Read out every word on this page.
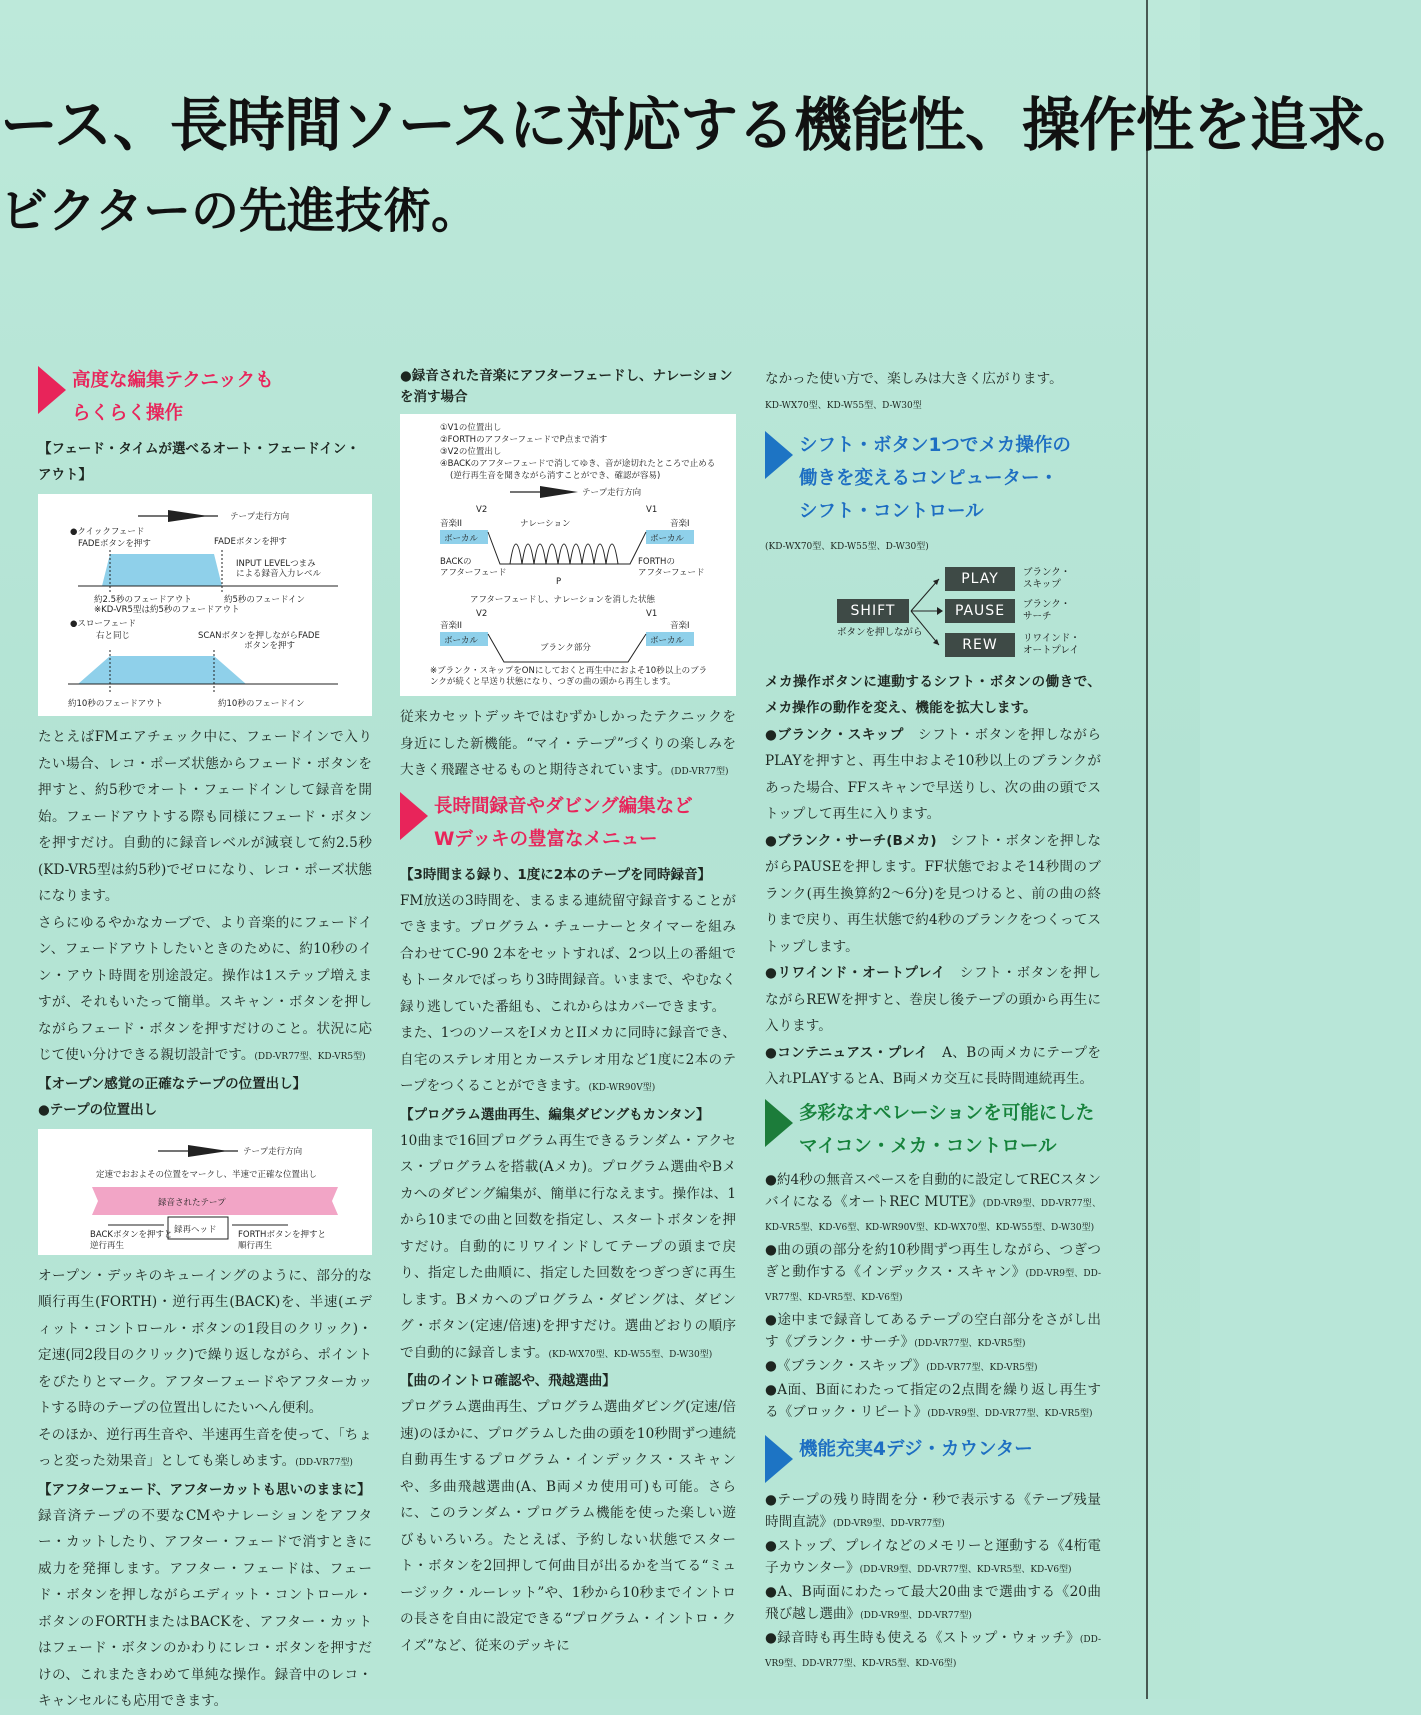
ース、長時間ソースに対応する機能性、操作性を追求。
ビクターの先進技術。
高度な編集テクニックも
らくらく操作
【フェード・タイムが選べるオート・フェードイン・アウト】
テープ走行方向
●クイックフェード
FADEボタンを押す	FADEボタンを押す
INPUT LEVELつまみ
による録音入力レベル
約2.5秒のフェードアウト
※KD-VR5型は約5秒のフェードアウト
約5秒のフェードイン
●スローフェード
右と同じ	SCANボタンを押しながらFADE
ボタンを押す
約10秒のフェードアウト	約10秒のフェードイン

たとえばFMエアチェック中に、フェードインで入りたい場合、レコ・ポーズ状態からフェード・ボタンを押すと、約5秒でオート・フェードインして録音を開始。フェードアウトする際も同様にフェード・ボタンを押すだけ。自動的に録音レベルが減衰して約2.5秒(KD-VR5型は約5秒)でゼロになり、レコ・ポーズ状態になります。

さらにゆるやかなカーブで、より音楽的にフェードイン、フェードアウトしたいときのために、約10秒のイン・アウト時間を別途設定。操作は1ステップ増えますが、それもいたって簡単。スキャン・ボタンを押しながらフェード・ボタンを押すだけのこと。状況に応じて使い分けできる親切設計です。(DD-VR77型、KD-VR5型)

【オープン感覚の正確なテープの位置出し】
●テープの位置出し
テープ走行方向
定速でおおよその位置をマークし、半速で正確な位置出し
録音されたテープ
録再ヘッド
BACKボタンを押すと
逆行再生
FORTHボタンを押すと
順行再生

オープン・デッキのキューイングのように、部分的な順行再生(FORTH)・逆行再生(BACK)を、半速(エディット・コントロール・ボタンの1段目のクリック)・定速(同2段目のクリック)で繰り返しながら、ポイントをぴたりとマーク。アフターフェードやアフターカットする時のテープの位置出しにたいへん便利。

そのほか、逆行再生音や、半速再生音を使って、「ちょっと変った効果音」としても楽しめます。(DD-VR77型)

【アフターフェード、アフターカットも思いのままに】

録音済テープの不要なCMやナレーションをアフター・カットしたり、アフター・フェードで消すときに威力を発揮します。アフター・フェードは、フェード・ボタンを押しながらエディット・コントロール・ボタンのFORTHまたはBACKを、アフター・カットはフェード・ボタンのかわりにレコ・ボタンを押すだけの、これまたきわめて単純な操作。録音中のレコ・キャンセルにも応用できます。

●録音された音楽にアフターフェードし、ナレーションを消す場合
①V1の位置出し
②FORTHのアフターフェードでP点まで消す
③V2の位置出し
④BACKのアフターフェードで消してゆき、音が途切れたところで止める
(逆行再生音を聞きながら消すことができ、確認が容易)
テープ走行方向
V2	V1
音楽II	音楽I
ナレーション
ボーカル	ボーカル
BACKの
アフターフェード
FORTHの
アフターフェード
P
アフターフェードし、ナレーションを消した状態
V2	V1
音楽II	音楽I
ボーカル	ボーカル
ブランク部分
※ブランク・スキップをONにしておくと再生中におよそ10秒以上のブランクが続くと早送り状態になり、つぎの曲の頭から再生します。

従来カセットデッキではむずかしかったテクニックを身近にした新機能。“マイ・テープ”づくりの楽しみを大きく飛躍させるものと期待されています。(DD-VR77型)

長時間録音やダビング編集など
Wデッキの豊富なメニュー
【3時間まる録り、1度に2本のテープを同時録音】

FM放送の3時間を、まるまる連続留守録音することができます。プログラム・チューナーとタイマーを組み合わせてC-90 2本をセットすれば、2つ以上の番組でもトータルでばっちり3時間録音。いままで、やむなく録り逃していた番組も、これからはカバーできます。

また、1つのソースをIメカとIIメカに同時に録音でき、自宅のステレオ用とカーステレオ用など1度に2本のテープをつくることができます。(KD-WR90V型)

【プログラム選曲再生、編集ダビングもカンタン】

10曲まで16回プログラム再生できるランダム・アクセス・プログラムを搭載(Aメカ)。プログラム選曲やBメカへのダビング編集が、簡単に行なえます。操作は、1から10までの曲と回数を指定し、スタートボタンを押すだけ。自動的にリワインドしてテープの頭まで戻り、指定した曲順に、指定した回数をつぎつぎに再生します。Bメカへのプログラム・ダビングは、ダビング・ボタン(定速/倍速)を押すだけ。選曲どおりの順序で自動的に録音します。(KD-WX70型、KD-W55型、D-W30型)

【曲のイントロ確認や、飛越選曲】

プログラム選曲再生、プログラム選曲ダビング(定速/倍速)のほかに、プログラムした曲の頭を10秒間ずつ連続自動再生するプログラム・インデックス・スキャンや、多曲飛越選曲(A、B両メカ使用可)も可能。さらに、このランダム・プログラム機能を使った楽しい遊びもいろいろ。たとえば、予約しない状態でスタート・ボタンを2回押して何曲目が出るかを当てる“ミュージック・ルーレット”や、1秒から10秒までイントロの長さを自由に設定できる“プログラム・イントロ・クイズ”など、従来のデッキに

なかった使い方で、楽しみは大きく広がります。

KD-WX70型、KD-W55型、D-W30型
シフト・ボタン1つでメカ操作の
働きを変えるコンピューター・
シフト・コントロール
(KD-WX70型、KD-W55型、D-W30型)
SHIFT
ボタンを押しながら
PLAY
PAUSE
REW
ブランク・
スキップ
ブランク・
サーチ
リワインド・
オートプレイ

メカ操作ボタンに連動するシフト・ボタンの働きで、メカ操作の動作を変え、機能を拡大します。

●ブランク・スキップ　 シフト・ボタンを押しながらPLAYを押すと、再生中およそ10秒以上のブランクがあった場合、FFスキャンで早送りし、次の曲の頭でストップして再生に入ります。

●ブランク・サーチ(Bメカ)　 シフト・ボタンを押しながらPAUSEを押します。FF状態でおよそ14秒間のブランク(再生換算約2〜6分)を見つけると、前の曲の終りまで戻り、再生状態で約4秒のブランクをつくってストップします。

●リワインド・オートプレイ　 シフト・ボタンを押しながらREWを押すと、巻戻し後テープの頭から再生に入ります。

●コンテニュアス・プレイ　 A、Bの両メカにテープを入れPLAYするとA、B両メカ交互に長時間連続再生。

多彩なオペレーションを可能にした
マイコン・メカ・コントロール

●約4秒の無音スペースを自動的に設定してRECスタンバイになる《オートREC MUTE》(DD-VR9型、DD-VR77型、KD-VR5型、KD-V6型、KD-WR90V型、KD-WX70型、KD-W55型、D-W30型)

●曲の頭の部分を約10秒間ずつ再生しながら、つぎつぎと動作する《インデックス・スキャン》(DD-VR9型、DD-VR77型、KD-VR5型、KD-V6型)

●途中まで録音してあるテープの空白部分をさがし出す《ブランク・サーチ》(DD-VR77型、KD-VR5型)

●《ブランク・スキップ》(DD-VR77型、KD-VR5型)

●A面、B面にわたって指定の2点間を繰り返し再生する《ブロック・リピート》(DD-VR9型、DD-VR77型、KD-VR5型)

機能充実4デジ・カウンター

●テープの残り時間を分・秒で表示する《テープ残量時間直読》(DD-VR9型、DD-VR77型)

●ストップ、プレイなどのメモリーと運動する《4桁電子カウンター》(DD-VR9型、DD-VR77型、KD-VR5型、KD-V6型)

●A、B両面にわたって最大20曲まで選曲する《20曲飛び越し選曲》(DD-VR9型、DD-VR77型)

●録音時も再生時も使える《ストップ・ウォッチ》(DD-VR9型、DD-VR77型、KD-VR5型、KD-V6型)
